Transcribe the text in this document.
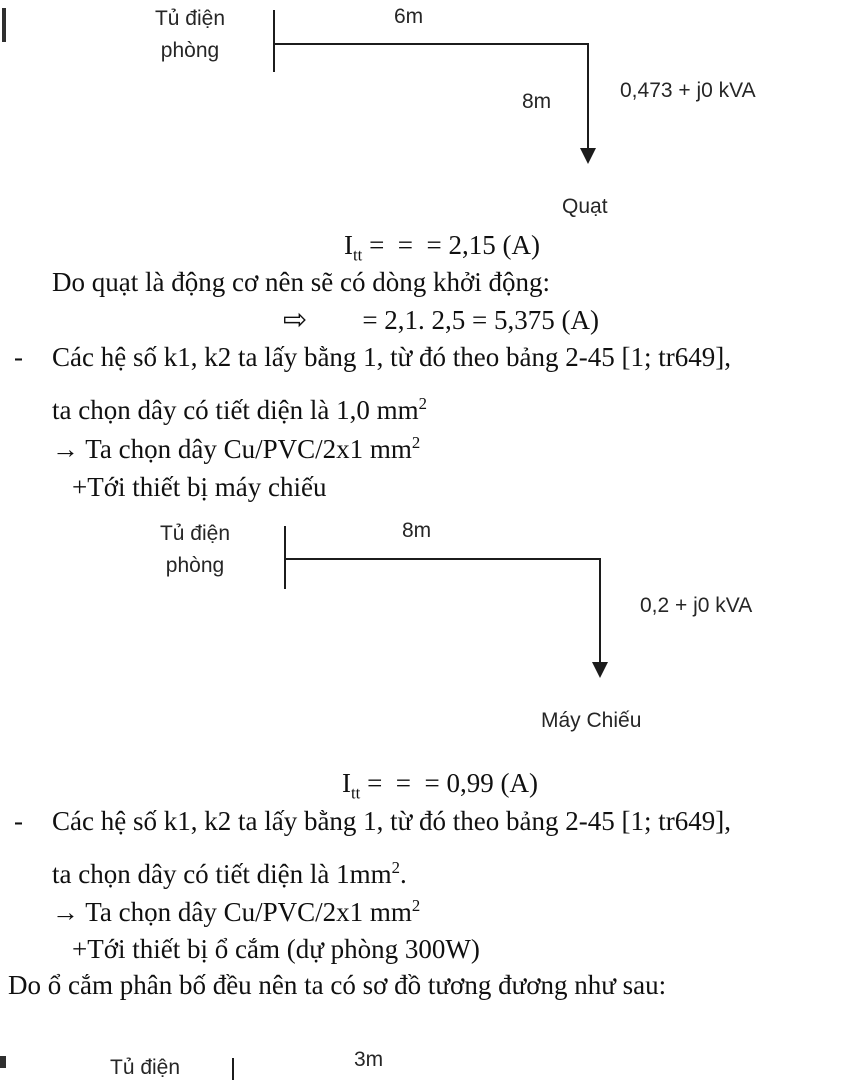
Tủ điện
phòng
6m
8m	0,473 + j0 kVA
Quạt
$I_{tt}$ =  =  = 2,15 (A)
Do quạt là động cơ nên sẽ có dòng khởi động:
⇨ = 2,1. 2,5 = 5,375 (A)
- Các hệ số k1, k2 ta lấy bằng 1, từ đó theo bảng 2-45 [1; tr649],
ta chọn dây có tiết diện là 1,0 $mm^2$
→ Ta chọn dây Cu/PVC/2x1 $mm^2$
+Tới thiết bị máy chiếu
Tủ điện
phòng
8m
0,2 + j0 kVA
Máy Chiếu
$I_{tt}$ =  =  = 0,99 (A)
- Các hệ số k1, k2 ta lấy bằng 1, từ đó theo bảng 2-45 [1; tr649],
ta chọn dây có tiết diện là $1mm^2$.
→ Ta chọn dây Cu/PVC/2x1 $mm^2$
+Tới thiết bị ổ cắm (dự phòng 300W)
Do ổ cắm phân bố đều nên ta có sơ đồ tương đương như sau:
Tủ điện	3m
